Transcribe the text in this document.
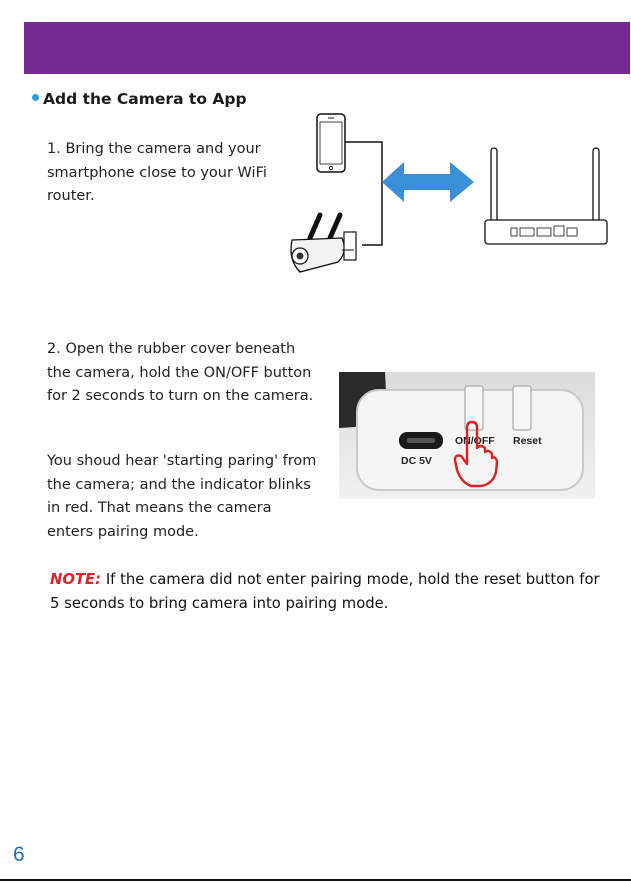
Add the Camera to App
1. Bring the camera and your smartphone close to your WiFi router.
2. Open the rubber cover beneath the camera, hold the ON/OFF button for 2 seconds to turn on the camera.
You shoud hear 'starting paring' from the camera; and the indicator blinks in red. That means the camera enters pairing mode.
DC 5V
ON/OFF Reset
NOTE: If the camera did not enter pairing mode, hold the reset button for 5 seconds to bring camera into pairing mode.
6
